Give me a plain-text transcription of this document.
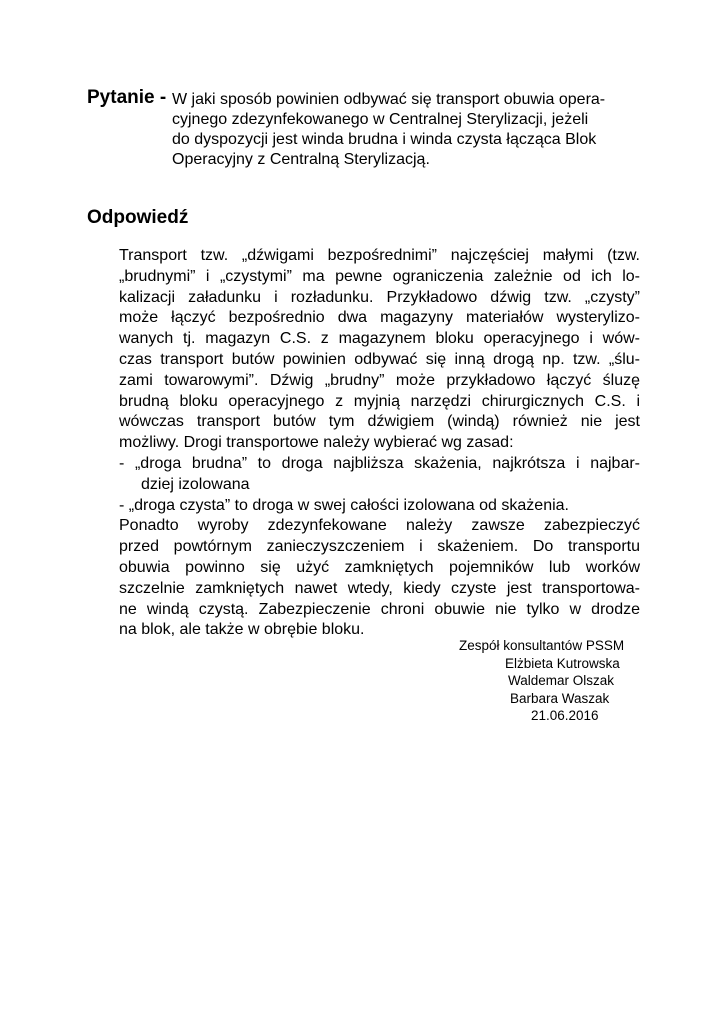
Pytanie - W jaki sposób powinien odbywać się transport obuwia opera-
cyjnego zdezynfekowanego w Centralnej Sterylizacji, jeżeli
do dyspozycji jest winda brudna i winda czysta łącząca Blok
Operacyjny z Centralną Sterylizacją.
Odpowiedź
Transport tzw. „dźwigami bezpośrednimi” najczęściej małymi (tzw.
„brudnymi” i „czystymi” ma pewne ograniczenia zależnie od ich lo-
kalizacji załadunku i rozładunku. Przykładowo dźwig tzw. „czysty”
może łączyć bezpośrednio dwa magazyny materiałów wysterylizo-
wanych tj. magazyn C.S. z magazynem bloku operacyjnego i wów-
czas transport butów powinien odbywać się inną drogą np. tzw. „ślu-
zami towarowymi”. Dźwig „brudny” może przykładowo łączyć śluzę
brudną bloku operacyjnego z myjnią narzędzi chirurgicznych C.S. i
wówczas transport butów tym dźwigiem (windą) również nie jest
możliwy. Drogi transportowe należy wybierać wg zasad:
- „droga brudna” to droga najbliższa skażenia, najkrótsza i najbar-
dziej izolowana
- „droga czysta” to droga w swej całości izolowana od skażenia.
Ponadto wyroby zdezynfekowane należy zawsze zabezpieczyć
przed powtórnym zanieczyszczeniem i skażeniem. Do transportu
obuwia powinno się użyć zamkniętych pojemników lub worków
szczelnie zamkniętych nawet wtedy, kiedy czyste jest transportowa-
ne windą czystą. Zabezpieczenie chroni obuwie nie tylko w drodze
na blok, ale także w obrębie bloku.
Zespół konsultantów PSSM
Elżbieta Kutrowska
Waldemar Olszak
Barbara Waszak
21.06.2016
